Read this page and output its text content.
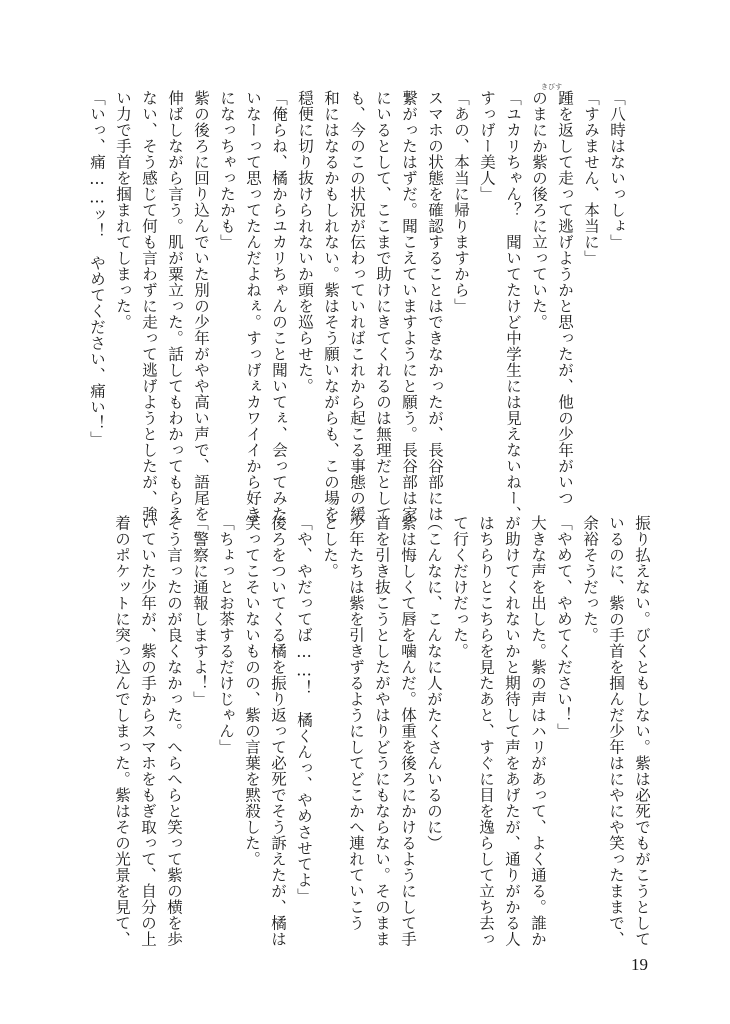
「八時はないっしょ」
「すみません、本当に」
踵を返して走って逃げようかと思ったが、他の少年がいつ
のまにか紫の後ろに立っていた。
「ユカリちゃん？　聞いてたけど中学生には見えないねー、
すっげー美人」
「あの、本当に帰りますから」
スマホの状態を確認することはできなかったが、長谷部には
繋がったはずだ。聞こえていますようにと願う。長谷部は家
にいるとして、ここまで助けにきてくれるのは無理だとして
も、今のこの状況が伝わっていればこれから起こる事態の緩
和にはなるかもしれない。紫はそう願いながらも、この場を
穏便に切り抜けられないか頭を巡らせた。
「俺らね、橘からユカリちゃんのこと聞いてぇ、会ってみた
いなーって思ってたんだよねぇ。すっげぇカワイイから好き
になっちゃったかも」
紫の後ろに回り込んでいた別の少年がやや高い声で、語尾を
伸ばしながら言う。肌が粟立った。話してもわかってもらえ
ない、そう感じて何も言わずに走って逃げようとしたが、強
い力で手首を掴まれてしまった。
「いっ、痛……ッ！　やめてください、痛い！」
きびす
振り払えない。びくともしない。紫は必死でもがこうとして
いるのに、紫の手首を掴んだ少年はにやにや笑ったままで、
余裕そうだった。
「やめて、やめてください！」
大きな声を出した。紫の声はハリがあって、よく通る。誰か
が助けてくれないかと期待して声をあげたが、通りがかる人
はちらりとこちらを見たあと、すぐに目を逸らして立ち去っ
て行くだけだった。
（こんなに、こんなに人がたくさんいるのに）
紫は悔しくて唇を噛んだ。体重を後ろにかけるようにして手
首を引き抜こうとしたがやはりどうにもならない。そのまま
少年たちは紫を引きずるようにしてどこかへ連れていこう
とした。
「や、やだってば……！　橘くんっ、やめさせてよ」
後ろをついてくる橘を振り返って必死でそう訴えたが、橘は
笑ってこそいないものの、紫の言葉を黙殺した。
「ちょっとお茶するだけじゃん」
「警察に通報しますよ！」
そう言ったのが良くなかった。へらへらと笑って紫の横を歩
いていた少年が、紫の手からスマホをもぎ取って、自分の上
着のポケットに突っ込んでしまった。紫はその光景を見て、
19
